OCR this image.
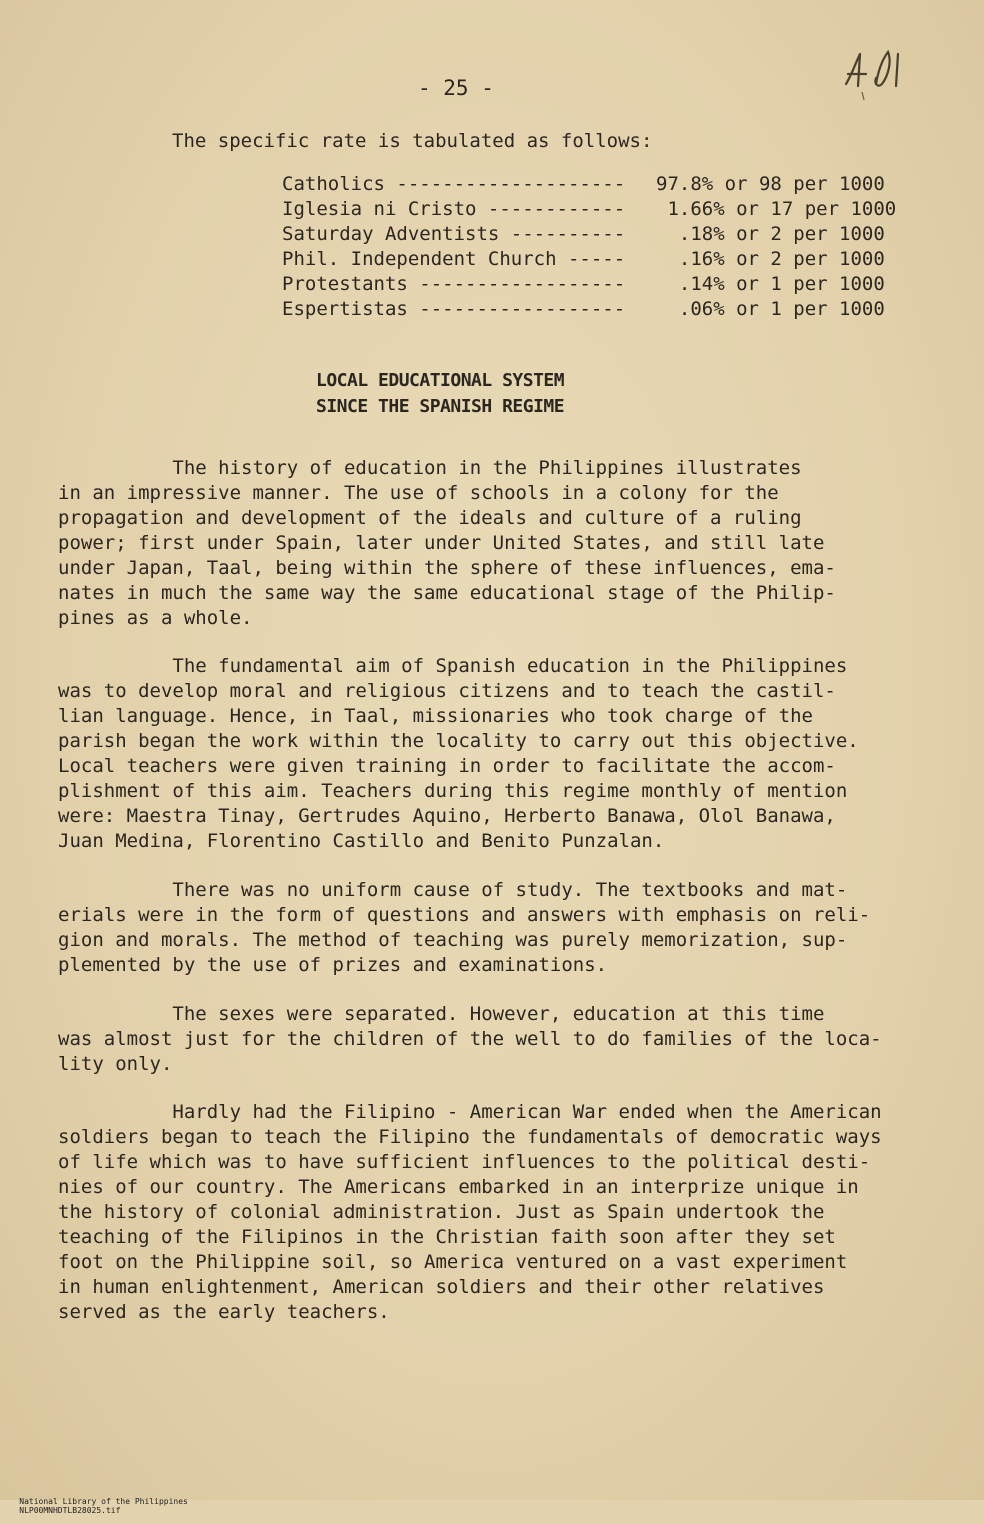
- 25 -
The specific rate is tabulated as follows:
Catholics --------------------	97.8% or 98 per 1000
Iglesia ni Cristo ------------	1.66% or 17 per 1000
Saturday Adventists ----------	.18% or 2 per 1000
Phil. Independent Church -----	.16% or 2 per 1000
Protestants ------------------	.14% or 1 per 1000
Espertistas ------------------	.06% or 1 per 1000
LOCAL EDUCATIONAL SYSTEM
SINCE THE SPANISH REGIME
The history of education in the Philippines illustrates
in an impressive manner. The use of schools in a colony for the
propagation and development of the ideals and culture of a ruling
power; first under Spain, later under United States, and still late
under Japan, Taal, being within the sphere of these influences, ema-
nates in much the same way the same educational stage of the Philip-
pines as a whole.
The fundamental aim of Spanish education in the Philippines
was to develop moral and religious citizens and to teach the castil-
lian language. Hence, in Taal, missionaries who took charge of the
parish began the work within the locality to carry out this objective.
Local teachers were given training in order to facilitate the accom-
plishment of this aim. Teachers during this regime monthly of mention
were: Maestra Tinay, Gertrudes Aquino, Herberto Banawa, Olol Banawa,
Juan Medina, Florentino Castillo and Benito Punzalan.
There was no uniform cause of study. The textbooks and mat-
erials were in the form of questions and answers with emphasis on reli-
gion and morals. The method of teaching was purely memorization, sup-
plemented by the use of prizes and examinations.
The sexes were separated. However, education at this time
was almost just for the children of the well to do families of the loca-
lity only.
Hardly had the Filipino - American War ended when the American
soldiers began to teach the Filipino the fundamentals of democratic ways
of life which was to have sufficient influences to the political desti-
nies of our country. The Americans embarked in an interprize unique in
the history of colonial administration. Just as Spain undertook the
teaching of the Filipinos in the Christian faith soon after they set
foot on the Philippine soil, so America ventured on a vast experiment
in human enlightenment, American soldiers and their other relatives
served as the early teachers.

National Library of the Philippines
NLP00MNHDTLB28025.tif
